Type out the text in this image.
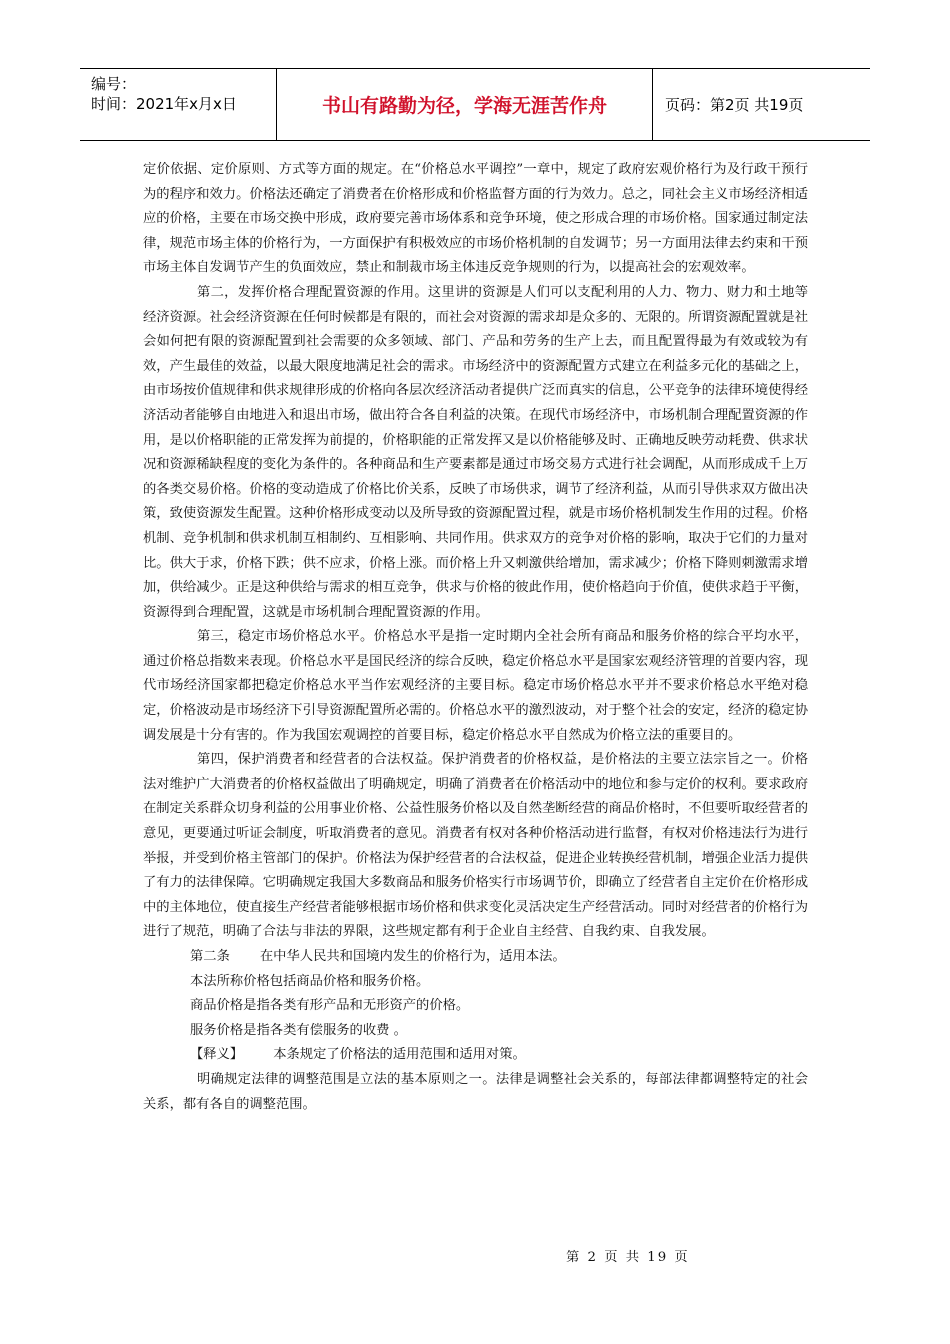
编号：
时间：2021年x月x日	书山有路勤为径，学海无涯苦作舟	页码：第2页 共19页

定价依据、定价原则、方式等方面的规定。在“价格总水平调控”一章中，规定了政府宏观价格行为及行政干预行为的程序和效力。价格法还确定了消费者在价格形成和价格监督方面的行为效力。总之，同社会主义市场经济相适应的价格，主要在市场交换中形成，政府要完善市场体系和竞争环境，使之形成合理的市场价格。国家通过制定法律，规范市场主体的价格行为，一方面保护有积极效应的市场价格机制的自发调节；另一方面用法律去约束和干预市场主体自发调节产生的负面效应，禁止和制裁市场主体违反竞争规则的行为，以提高社会的宏观效率。

第二，发挥价格合理配置资源的作用。这里讲的资源是人们可以支配利用的人力、物力、财力和土地等经济资源。社会经济资源在任何时候都是有限的，而社会对资源的需求却是众多的、无限的。所谓资源配置就是社会如何把有限的资源配置到社会需要的众多领域、部门、产品和劳务的生产上去，而且配置得最为有效或较为有效，产生最佳的效益，以最大限度地满足社会的需求。市场经济中的资源配置方式建立在利益多元化的基础之上，由市场按价值规律和供求规律形成的价格向各层次经济活动者提供广泛而真实的信息，公平竞争的法律环境使得经济活动者能够自由地进入和退出市场，做出符合各自利益的决策。在现代市场经济中，市场机制合理配置资源的作用，是以价格职能的正常发挥为前提的，价格职能的正常发挥又是以价格能够及时、正确地反映劳动耗费、供求状况和资源稀缺程度的变化为条件的。各种商品和生产要素都是通过市场交易方式进行社会调配，从而形成成千上万的各类交易价格。价格的变动造成了价格比价关系，反映了市场供求，调节了经济利益，从而引导供求双方做出决策，致使资源发生配置。这种价格形成变动以及所导致的资源配置过程，就是市场价格机制发生作用的过程。价格机制、竞争机制和供求机制互相制约、互相影响、共同作用。供求双方的竞争对价格的影响，取决于它们的力量对比。供大于求，价格下跌；供不应求，价格上涨。而价格上升又刺激供给增加，需求减少；价格下降则刺激需求增加，供给减少。正是这种供给与需求的相互竞争，供求与价格的彼此作用，使价格趋向于价值，使供求趋于平衡，资源得到合理配置，这就是市场机制合理配置资源的作用。

第三，稳定市场价格总水平。价格总水平是指一定时期内全社会所有商品和服务价格的综合平均水平，通过价格总指数来表现。价格总水平是国民经济的综合反映，稳定价格总水平是国家宏观经济管理的首要内容，现代市场经济国家都把稳定价格总水平当作宏观经济的主要目标。稳定市场价格总水平并不要求价格总水平绝对稳定，价格波动是市场经济下引导资源配置所必需的。价格总水平的激烈波动，对于整个社会的安定，经济的稳定协调发展是十分有害的。作为我国宏观调控的首要目标，稳定价格总水平自然成为价格立法的重要目的。

第四，保护消费者和经营者的合法权益。保护消费者的价格权益，是价格法的主要立法宗旨之一。价格法对维护广大消费者的价格权益做出了明确规定，明确了消费者在价格活动中的地位和参与定价的权利。要求政府在制定关系群众切身利益的公用事业价格、公益性服务价格以及自然垄断经营的商品价格时，不但要听取经营者的意见，更要通过听证会制度，听取消费者的意见。消费者有权对各种价格活动进行监督，有权对价格违法行为进行举报，并受到价格主管部门的保护。价格法为保护经营者的合法权益，促进企业转换经营机制，增强企业活力提供了有力的法律保障。它明确规定我国大多数商品和服务价格实行市场调节价，即确立了经营者自主定价在价格形成中的主体地位，使直接生产经营者能够根据市场价格和供求变化灵活决定生产经营活动。同时对经营者的价格行为进行了规范，明确了合法与非法的界限，这些规定都有利于企业自主经营、自我约束、自我发展。

第二条 在中华人民共和国境内发生的价格行为，适用本法。

本法所称价格包括商品价格和服务价格。

商品价格是指各类有形产品和无形资产的价格。

服务价格是指各类有偿服务的收费 。

【释义】 本条规定了价格法的适用范围和适用对策。

明确规定法律的调整范围是立法的基本原则之一。法律是调整社会关系的，每部法律都调整特定的社会关系，都有各自的调整范围。

第 2 页 共 19 页
